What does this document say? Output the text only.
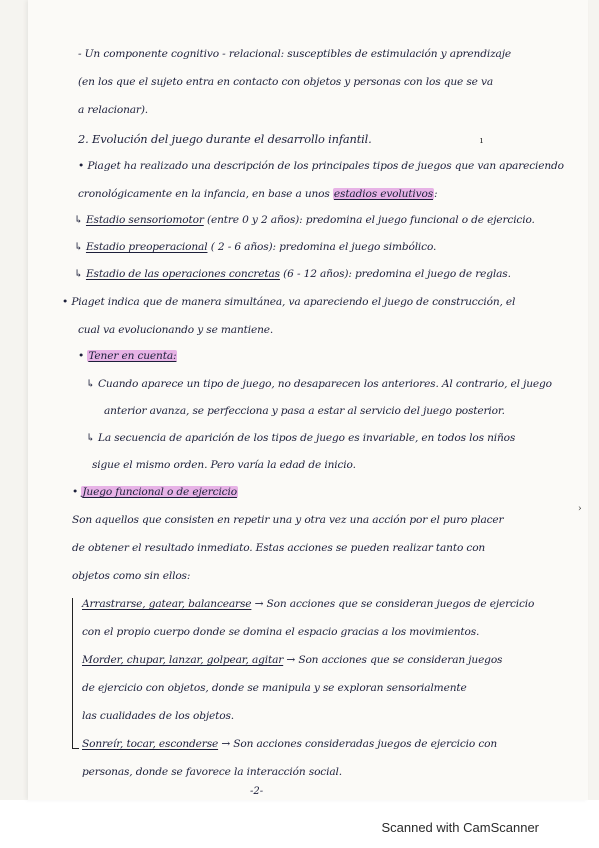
- Un componente cognitivo - relacional: susceptibles de estimulación y aprendizaje
(en los que el sujeto entra en contacto con objetos y personas con los que se va
a relacionar).
2. Evolución del juego durante el desarrollo infantil.
• Piaget ha realizado una descripción de los principales tipos de juegos que van apareciendo
cronológicamente en la infancia, en base a unos estadios evolutivos:
↳ Estadio sensoriomotor (entre 0 y 2 años): predomina el juego funcional o de ejercicio.
↳ Estadio preoperacional ( 2 - 6 años): predomina el juego simbólico.
↳ Estadio de las operaciones concretas (6 - 12 años): predomina el juego de reglas.
• Piaget indica que de manera simultánea, va apareciendo el juego de construcción, el
cual va evolucionando y se mantiene.
• Tener en cuenta:
↳ Cuando aparece un tipo de juego, no desaparecen los anteriores. Al contrario, el juego
anterior avanza, se perfecciona y pasa a estar al servicio del juego posterior.
↳ La secuencia de aparición de los tipos de juego es invariable, en todos los niños
sigue el mismo orden. Pero varía la edad de inicio.
• Juego funcional o de ejercicio
Son aquellos que consisten en repetir una y otra vez una acción por el puro placer
de obtener el resultado inmediato. Estas acciones se pueden realizar tanto con
objetos como sin ellos:
Arrastrarse, gatear, balancearse → Son acciones que se consideran juegos de ejercicio
con el propio cuerpo donde se domina el espacio gracias a los movimientos.
Morder, chupar, lanzar, golpear, agitar → Son acciones que se consideran juegos
de ejercicio con objetos, donde se manipula y se exploran sensorialmente
las cualidades de los objetos.
Sonreír, tocar, esconderse → Son acciones consideradas juegos de ejercicio con
personas, donde se favorece la interacción social.
-2-
ı
›
Scanned with CamScanner
